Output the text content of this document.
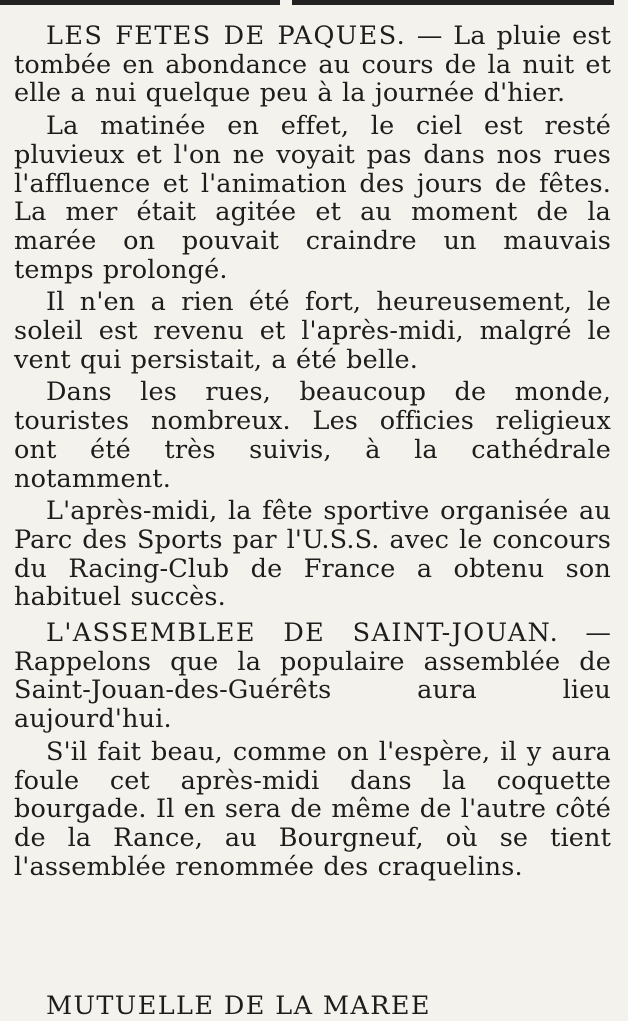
LES FETES DE PAQUES. — La pluie est tombée en abondance au cours de la nuit et elle a nui quelque peu à la journée d'hier.

La matinée en effet, le ciel est resté pluvieux et l'on ne voyait pas dans nos rues l'affluence et l'animation des jours de fêtes. La mer était agitée et au moment de la marée on pouvait craindre un mauvais temps prolongé.

Il n'en a rien été fort, heureusement, le soleil est revenu et l'après-midi, malgré le vent qui persistait, a été belle.

Dans les rues, beaucoup de monde, touristes nombreux. Les officies religieux ont été très suivis, à la cathédrale notamment.

L'après-midi, la fête sportive organisée au Parc des Sports par l'U.S.S. avec le concours du Racing-Club de France a obtenu son habituel succès.

L'ASSEMBLEE DE SAINT-JOUAN. — Rappelons que la populaire assemblée de Saint-Jouan-des-Guérêts aura lieu aujourd'hui.

S'il fait beau, comme on l'espère, il y aura foule cet après-midi dans la coquette bourgade. Il en sera de même de l'autre côté de la Rance, au Bourgneuf, où se tient l'assemblée renommée des craquelins.

MUTUELLE DE LA MAREE
